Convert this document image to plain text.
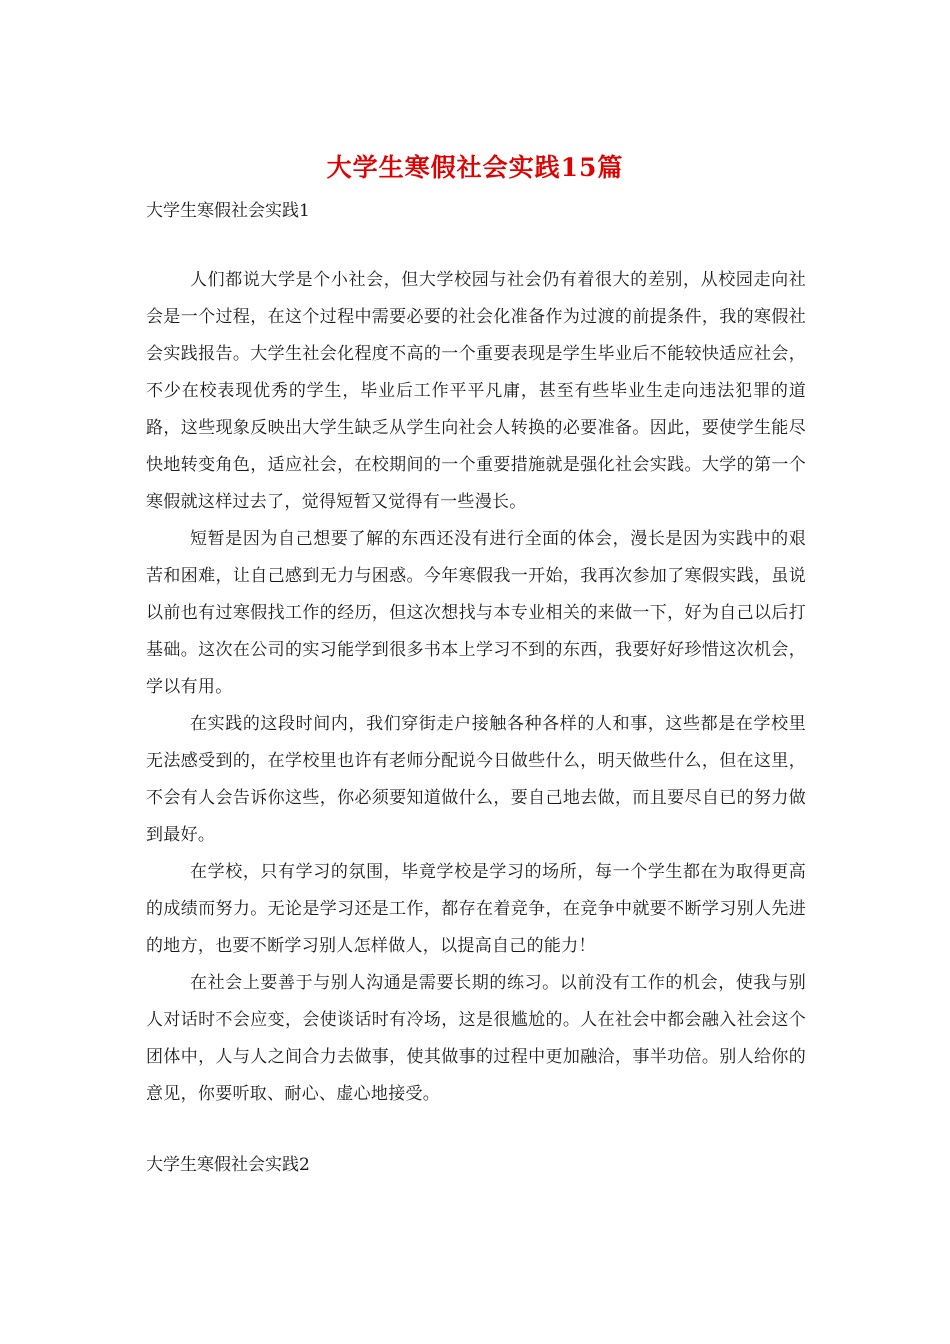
大学生寒假社会实践15篇
大学生寒假社会实践1

人们都说大学是个小社会，但大学校园与社会仍有着很大的差别，从校园走向社会是一个过程，在这个过程中需要必要的社会化准备作为过渡的前提条件，我的寒假社会实践报告。大学生社会化程度不高的一个重要表现是学生毕业后不能较快适应社会，不少在校表现优秀的学生，毕业后工作平平凡庸，甚至有些毕业生走向违法犯罪的道路，这些现象反映出大学生缺乏从学生向社会人转换的必要准备。因此，要使学生能尽快地转变角色，适应社会，在校期间的一个重要措施就是强化社会实践。大学的第一个寒假就这样过去了，觉得短暂又觉得有一些漫长。

短暂是因为自己想要了解的东西还没有进行全面的体会，漫长是因为实践中的艰苦和困难，让自己感到无力与困惑。今年寒假我一开始，我再次参加了寒假实践，虽说以前也有过寒假找工作的经历，但这次想找与本专业相关的来做一下，好为自己以后打基础。这次在公司的实习能学到很多书本上学习不到的东西，我要好好珍惜这次机会，学以有用。

在实践的这段时间内，我们穿街走户接触各种各样的人和事，这些都是在学校里无法感受到的，在学校里也许有老师分配说今日做些什么，明天做些什么，但在这里，不会有人会告诉你这些，你必须要知道做什么，要自己地去做，而且要尽自已的努力做到最好。

在学校，只有学习的氛围，毕竟学校是学习的场所，每一个学生都在为取得更高的成绩而努力。无论是学习还是工作，都存在着竞争，在竞争中就要不断学习别人先进的地方，也要不断学习别人怎样做人，以提高自己的能力！

在社会上要善于与别人沟通是需要长期的练习。以前没有工作的机会，使我与别人对话时不会应变，会使谈话时有冷场，这是很尴尬的。人在社会中都会融入社会这个团体中，人与人之间合力去做事，使其做事的过程中更加融洽，事半功倍。别人给你的意见，你要听取、耐心、虚心地接受。

大学生寒假社会实践2
